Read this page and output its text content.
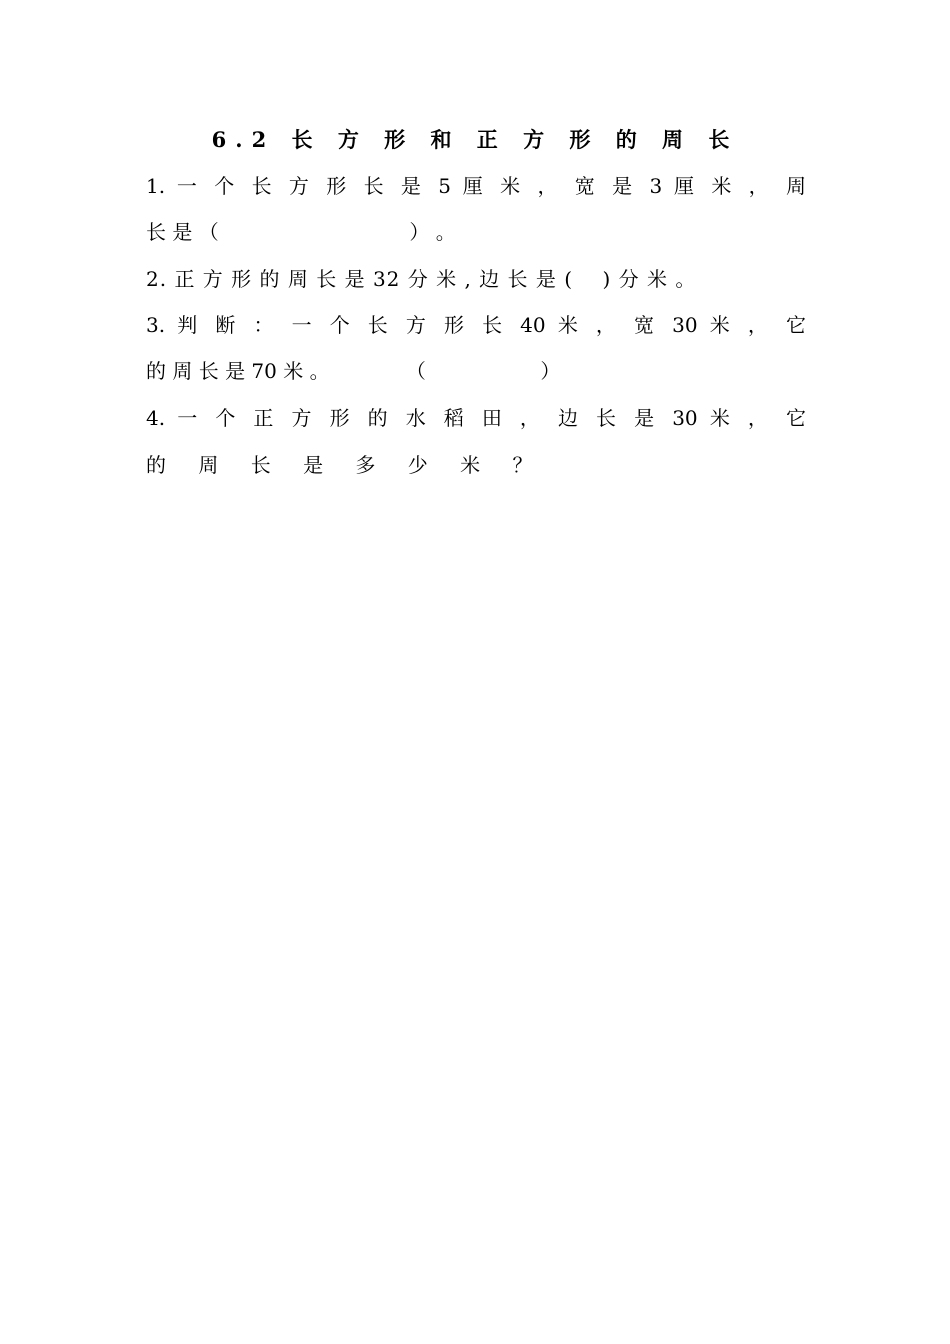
6.2 长 方 形 和 正 方 形 的 周 长
1. 一 个 长 方 形 长 是 5 厘 米 ， 宽 是 3 厘 米 ， 周
长 是 （                              ） 。
2. 正 方 形 的 周 长 是 32 分 米 , 边 长 是 (    ) 分 米 。
3. 判 断 ： 一 个 长 方 形 长 40 米 ， 宽 30 米 ， 它
的 周 长 是 70 米 。            （                  ）
4. 一 个 正 方 形 的 水 稻 田 ， 边 长 是 30 米 ， 它
的 周 长 是 多 少 米 ？
